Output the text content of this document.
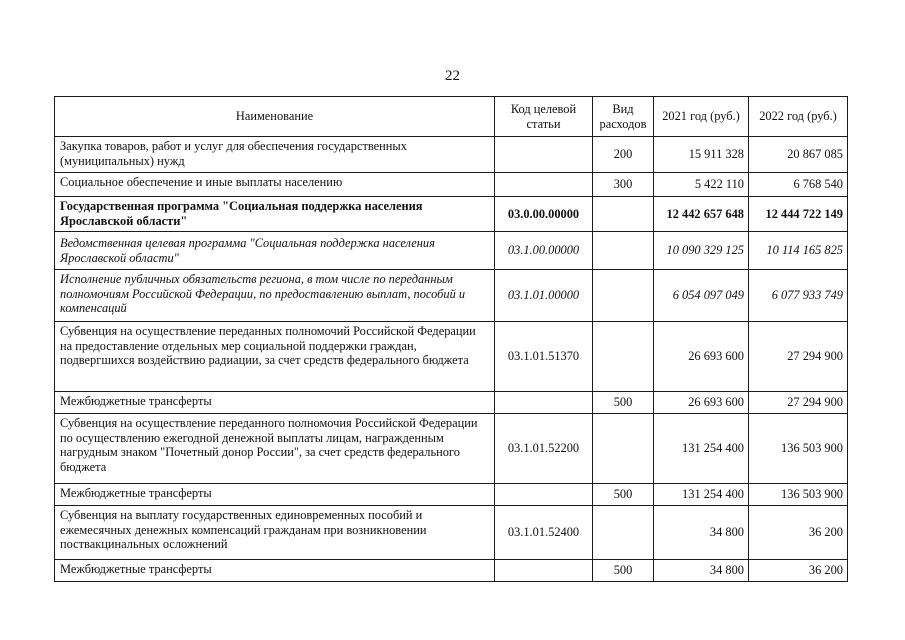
22
Наименование	Код целевой статьи	Вид расходов	2021 год (руб.)	2022 год (руб.)
Закупка товаров, работ и услуг для обеспечения государственных (муниципальных) нужд		200	15 911 328	20 867 085
Социальное обеспечение и иные выплаты населению		300	5 422 110	6 768 540
Государственная программа "Социальная поддержка населения Ярославской области"	03.0.00.00000		12 442 657 648	12 444 722 149
Ведомственная целевая программа "Социальная поддержка населения Ярославской области"	03.1.00.00000		10 090 329 125	10 114 165 825
Исполнение публичных обязательств региона, в том числе по переданным полномочиям Российской Федерации, по предоставлению выплат, пособий и компенсаций	03.1.01.00000		6 054 097 049	6 077 933 749
Субвенция на осуществление переданных полномочий Российской Федерации на предоставление отдельных мер социальной поддержки граждан, подвергшихся воздействию радиации, за счет средств федерального бюджета	03.1.01.51370		26 693 600	27 294 900
Межбюджетные трансферты		500	26 693 600	27 294 900
Субвенция на осуществление переданного полномочия Российской Федерации по осуществлению ежегодной денежной выплаты лицам, награжденным нагрудным знаком "Почетный донор России", за счет средств федерального бюджета	03.1.01.52200		131 254 400	136 503 900
Межбюджетные трансферты		500	131 254 400	136 503 900
Субвенция на выплату государственных единовременных пособий и ежемесячных денежных компенсаций гражданам при возникновении поствакцинальных осложнений	03.1.01.52400		34 800	36 200
Межбюджетные трансферты		500	34 800	36 200
